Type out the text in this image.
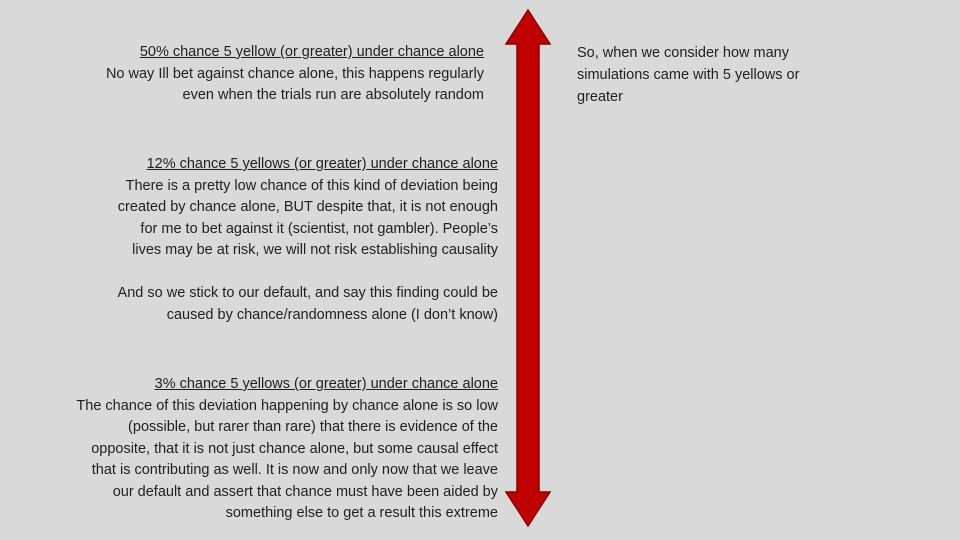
50% chance 5 yellow (or greater) under chance alone
No way Ill bet against chance alone, this happens regularly
even when the trials run are absolutely random
12% chance 5 yellows (or greater) under chance alone
There is a pretty low chance of this kind of deviation being
created by chance alone, BUT despite that, it is not enough
for me to bet against it (scientist, not gambler). People’s
lives may be at risk, we will not risk establishing causality
And so we stick to our default, and say this finding could be
caused by chance/randomness alone (I don’t know)
3% chance 5 yellows (or greater) under chance alone
The chance of this deviation happening by chance alone is so low
(possible, but rarer than rare) that there is evidence of the
opposite, that it is not just chance alone, but some causal effect
that is contributing as well. It is now and only now that we leave
our default and assert that chance must have been aided by
something else to get a result this extreme
So, when we consider how many
simulations came with 5 yellows or
greater
